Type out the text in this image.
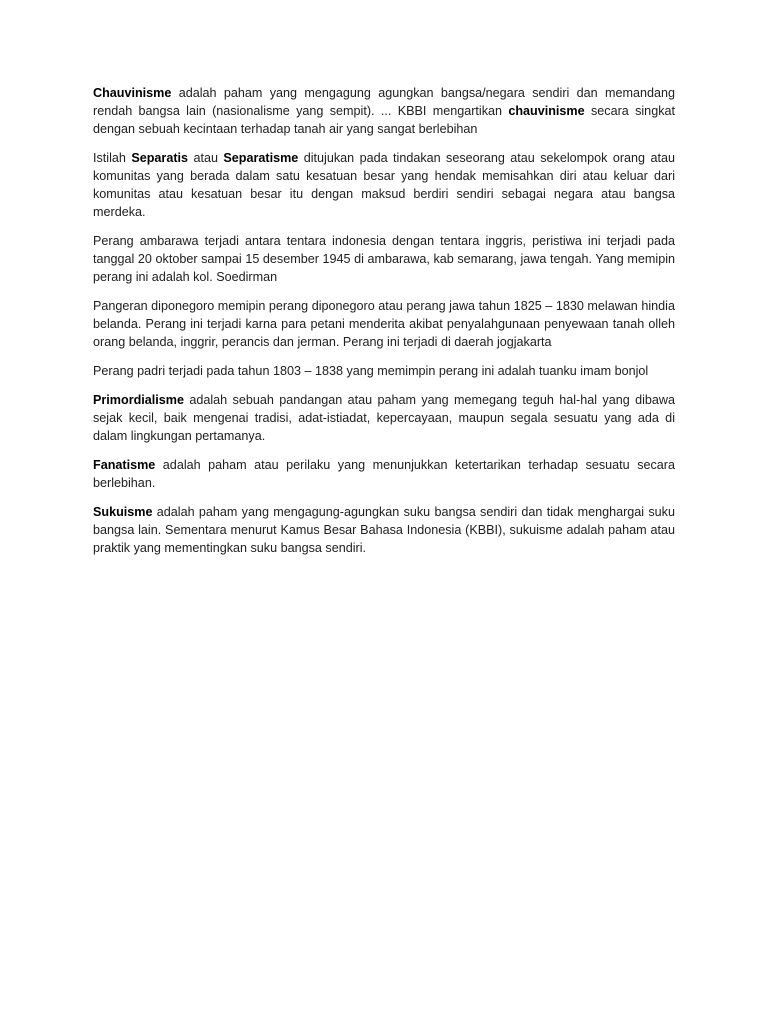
Chauvinisme adalah paham yang mengagung agungkan bangsa/negara sendiri dan memandang rendah bangsa lain (nasionalisme yang sempit). ... KBBI mengartikan chauvinisme secara singkat dengan sebuah kecintaan terhadap tanah air yang sangat berlebihan

Istilah Separatis atau Separatisme ditujukan pada tindakan seseorang atau sekelompok orang atau komunitas yang berada dalam satu kesatuan besar yang hendak memisahkan diri atau keluar dari komunitas atau kesatuan besar itu dengan maksud berdiri sendiri sebagai negara atau bangsa merdeka.

Perang ambarawa terjadi antara tentara indonesia dengan tentara inggris, peristiwa ini terjadi pada tanggal 20 oktober sampai 15 desember 1945 di ambarawa, kab semarang, jawa tengah. Yang memipin perang ini adalah kol. Soedirman

Pangeran diponegoro memipin perang diponegoro atau perang jawa tahun 1825 – 1830 melawan hindia belanda. Perang ini terjadi karna para petani menderita akibat penyalahgunaan penyewaan tanah olleh orang belanda, inggrir, perancis dan jerman. Perang ini terjadi di daerah jogjakarta

Perang padri terjadi pada tahun 1803 – 1838 yang memimpin perang ini adalah tuanku imam bonjol

Primordialisme adalah sebuah pandangan atau paham yang memegang teguh hal-hal yang dibawa sejak kecil, baik mengenai tradisi, adat-istiadat, kepercayaan, maupun segala sesuatu yang ada di dalam lingkungan pertamanya.

Fanatisme adalah paham atau perilaku yang menunjukkan ketertarikan terhadap sesuatu secara berlebihan.

Sukuisme adalah paham yang mengagung-agungkan suku bangsa sendiri dan tidak menghargai suku bangsa lain. Sementara menurut Kamus Besar Bahasa Indonesia (KBBI), sukuisme adalah paham atau praktik yang mementingkan suku bangsa sendiri.
